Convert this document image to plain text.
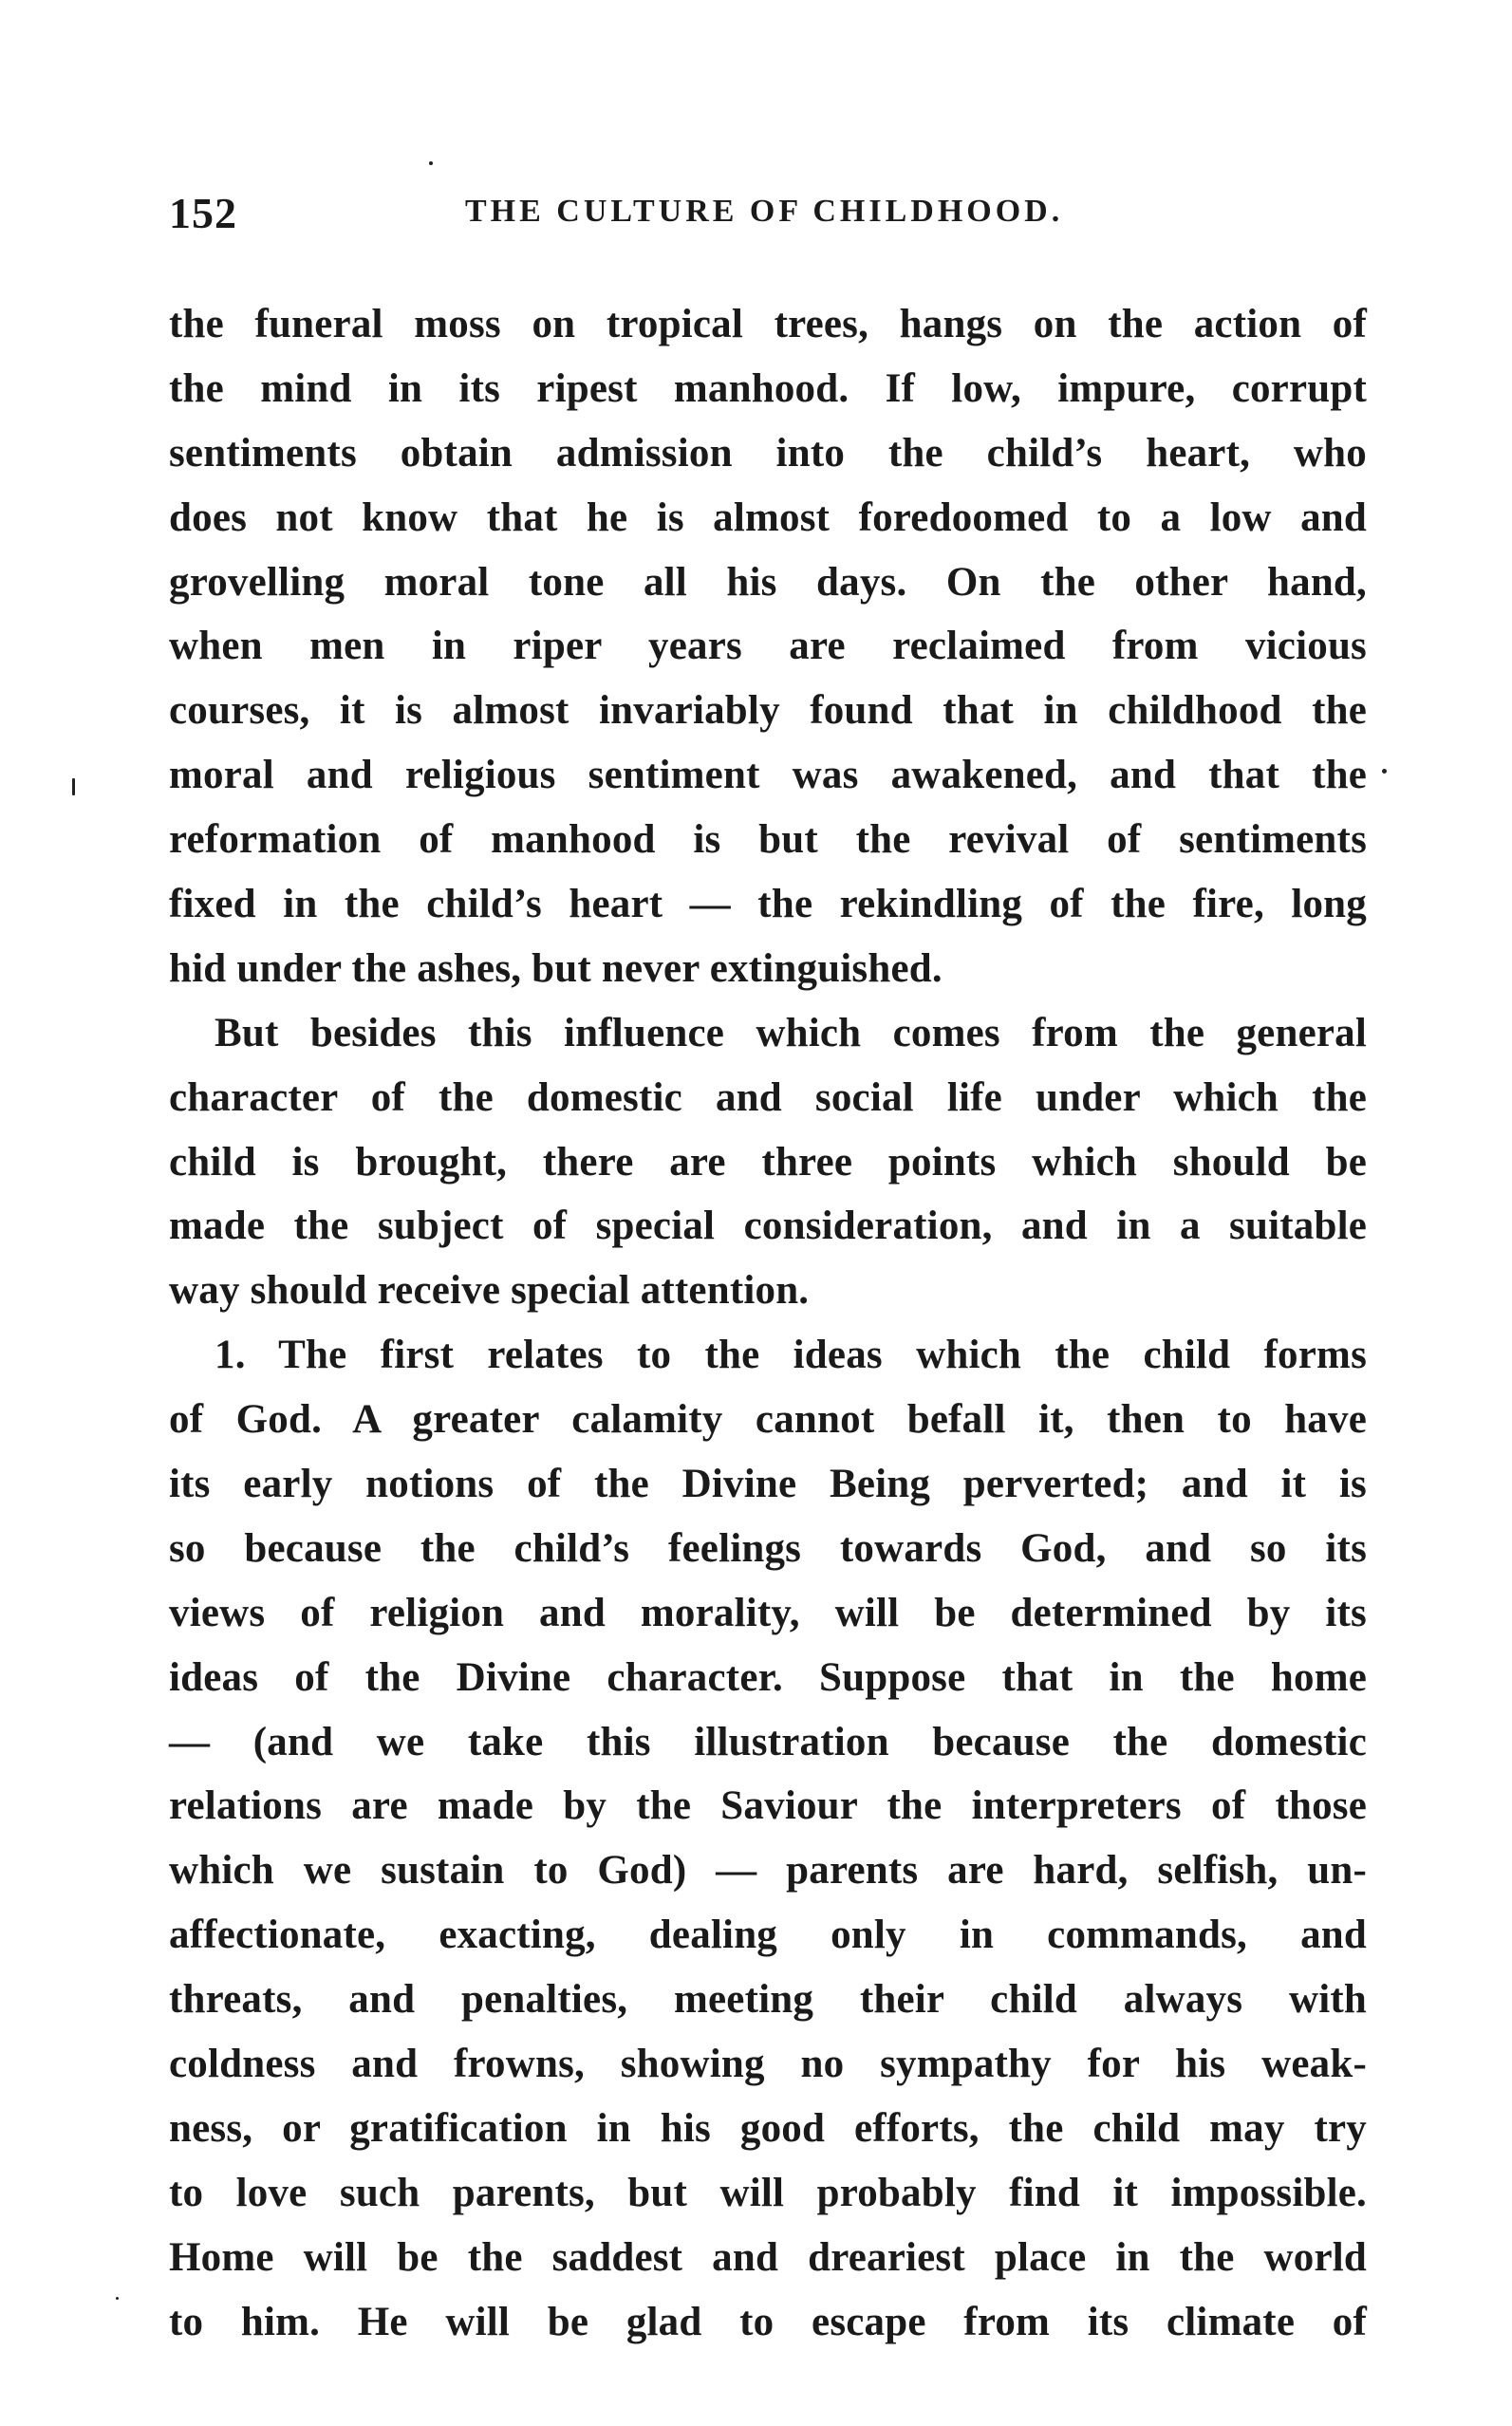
152	THE CULTURE OF CHILDHOOD.
the funeral moss on tropical trees, hangs on the action of
the mind in its ripest manhood. If low, impure, corrupt
sentiments obtain admission into the child’s heart, who
does not know that he is almost foredoomed to a low and
grovelling moral tone all his days. On the other hand,
when men in riper years are reclaimed from vicious
courses, it is almost invariably found that in childhood the
moral and religious sentiment was awakened, and that the
reformation of manhood is but the revival of sentiments
fixed in the child’s heart — the rekindling of the fire, long
hid under the ashes, but never extinguished.
But besides this influence which comes from the general
character of the domestic and social life under which the
child is brought, there are three points which should be
made the subject of special consideration, and in a suitable
way should receive special attention.
1. The first relates to the ideas which the child forms
of God. A greater calamity cannot befall it, then to have
its early notions of the Divine Being perverted; and it is
so because the child’s feelings towards God, and so its
views of religion and morality, will be determined by its
ideas of the Divine character. Suppose that in the home
— (and we take this illustration because the domestic
relations are made by the Saviour the interpreters of those
which we sustain to God) — parents are hard, selfish, un-
affectionate, exacting, dealing only in commands, and
threats, and penalties, meeting their child always with
coldness and frowns, showing no sympathy for his weak-
ness, or gratification in his good efforts, the child may try
to love such parents, but will probably find it impossible.
Home will be the saddest and dreariest place in the world
to him. He will be glad to escape from its climate of
